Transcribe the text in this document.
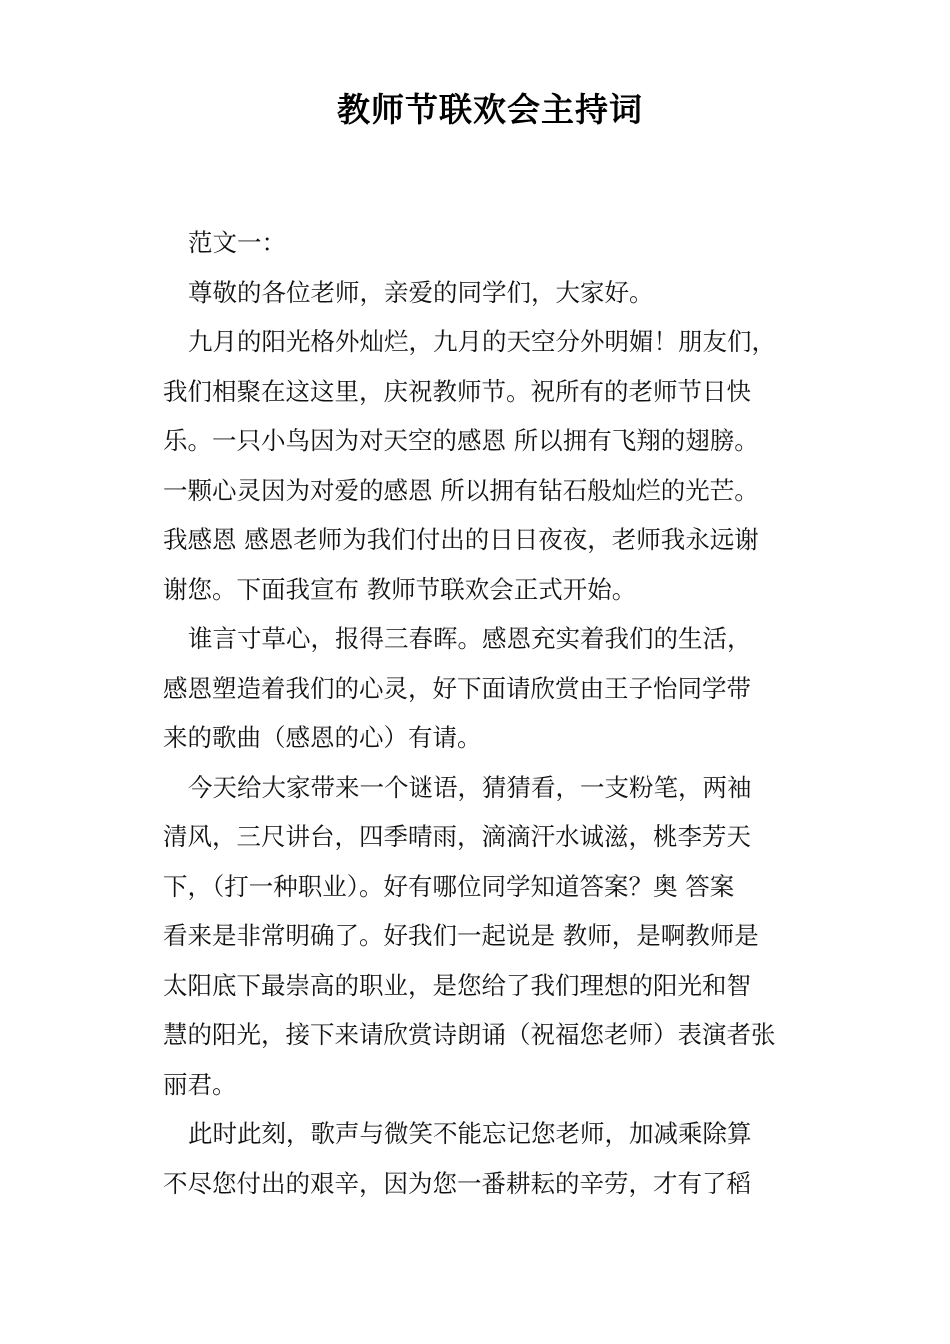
教师节联欢会主持词

范文一：

尊敬的各位老师，亲爱的同学们，大家好。

九月的阳光格外灿烂，九月的天空分外明媚！朋友们，
我们相聚在这这里，庆祝教师节。祝所有的老师节日快
乐。一只小鸟因为对天空的感恩 所以拥有飞翔的翅膀。
一颗心灵因为对爱的感恩 所以拥有钻石般灿烂的光芒。
我感恩 感恩老师为我们付出的日日夜夜，老师我永远谢
谢您。下面我宣布 教师节联欢会正式开始。

谁言寸草心，报得三春晖。感恩充实着我们的生活，
感恩塑造着我们的心灵，好下面请欣赏由王子怡同学带
来的歌曲（感恩的心）有请。

今天给大家带来一个谜语，猜猜看，一支粉笔，两袖
清风，三尺讲台，四季晴雨，滴滴汗水诚滋，桃李芳天
下，（打一种职业）。好有哪位同学知道答案？奥 答案
看来是非常明确了。好我们一起说是 教师，是啊教师是
太阳底下最崇高的职业，是您给了我们理想的阳光和智
慧的阳光，接下来请欣赏诗朗诵（祝福您老师）表演者张
丽君。

此时此刻，歌声与微笑不能忘记您老师，加减乘除算
不尽您付出的艰辛，因为您一番耕耘的辛劳，才有了稻
